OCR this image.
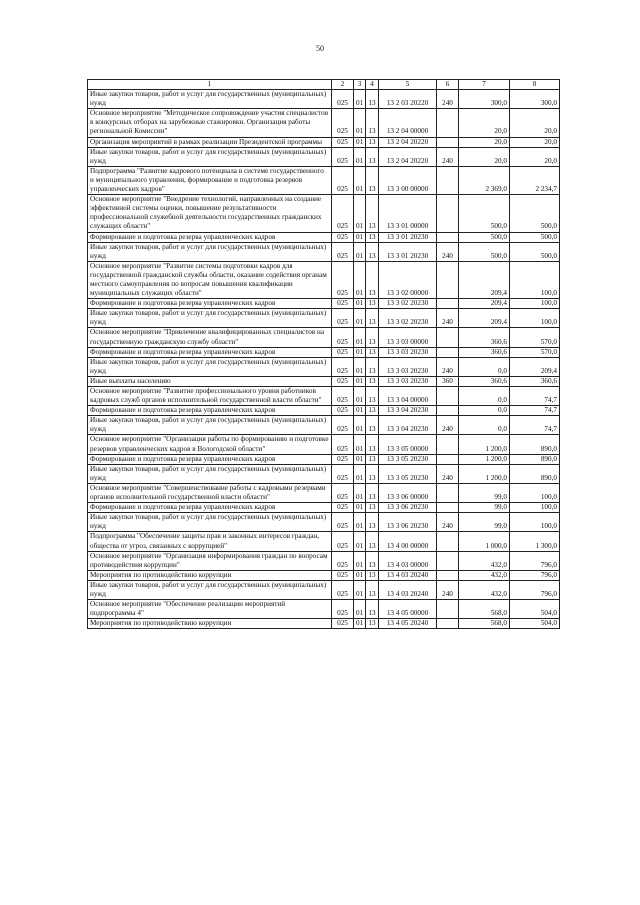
50
1	2	3	4	5	6	7	8
Иные закупки товаров, работ и услуг для государственных (муниципальных) нужд	025	01	13	13 2 03 20220	240	300,0	300,0
Основное мероприятие "Методическое сопровождение участия специалистов в конкурсных отборах на зарубежные стажировки. Организация работы региональной Комиссии"	025	01	13	13 2 04 00000		20,0	20,0
Организация мероприятий в рамках реализации Президентской программы	025	01	13	13 2 04 20220		20,0	20,0
Иные закупки товаров, работ и услуг для государственных (муниципальных) нужд	025	01	13	13 2 04 20220	240	20,0	20,0
Подпрограмма "Развитие кадрового потенциала в системе государственного и муниципального управления, формирование и подготовка резервов управленческих кадров"	025	01	13	13 3 00 00000		2 369,0	2 234,7
Основное мероприятие "Внедрение технологий, направленных на создание эффективной системы оценки, повышение результативности профессиональной служебной деятельности государственных гражданских служащих области"	025	01	13	13 3 01 00000		500,0	500,0
Формирование и подготовка резерва управленческих кадров	025	01	13	13 3 01 20230		500,0	500,0
Иные закупки товаров, работ и услуг для государственных (муниципальных) нужд	025	01	13	13 3 01 20230	240	500,0	500,0
Основное мероприятие "Развитие системы подготовки кадров для государственной гражданской службы области, оказание содействия органам местного самоуправления по вопросам повышения квалификации муниципальных служащих области"	025	01	13	13 3 02 00000		209,4	100,0
Формирование и подготовка резерва управленческих кадров	025	01	13	13 3 02 20230		209,4	100,0
Иные закупки товаров, работ и услуг для государственных (муниципальных) нужд	025	01	13	13 3 02 20230	240	209,4	100,0
Основное мероприятие "Привлечение квалифицированных специалистов на государственную гражданскую службу области"	025	01	13	13 3 03 00000		360,6	570,0
Формирование и подготовка резерва управленческих кадров	025	01	13	13 3 03 20230		360,6	570,0
Иные закупки товаров, работ и услуг для государственных (муниципальных) нужд	025	01	13	13 3 03 20230	240	0,0	209,4
Иные выплаты населению	025	01	13	13 3 03 20230	360	360,6	360,6
Основное мероприятие "Развитие профессионального уровня работников кадровых служб органов исполнительной государственной власти области"	025	01	13	13 3 04 00000		0,0	74,7
Формирование и подготовка резерва управленческих кадров	025	01	13	13 3 04 20230		0,0	74,7
Иные закупки товаров, работ и услуг для государственных (муниципальных) нужд	025	01	13	13 3 04 20230	240	0,0	74,7
Основное мероприятие "Организация работы по формированию и подготовке резервов управленческих кадров в Вологодской области"	025	01	13	13 3 05 00000		1 200,0	890,0
Формирование и подготовка резерва управленческих кадров	025	01	13	13 3 05 20230		1 200,0	890,0
Иные закупки товаров, работ и услуг для государственных (муниципальных) нужд	025	01	13	13 3 05 20230	240	1 200,0	890,0
Основное мероприятие "Совершенствование работы с кадровыми резервами органов исполнительной государственной власти области"	025	01	13	13 3 06 00000		99,0	100,0
Формирование и подготовка резерва управленческих кадров	025	01	13	13 3 06 20230		99,0	100,0
Иные закупки товаров, работ и услуг для государственных (муниципальных) нужд	025	01	13	13 3 06 20230	240	99,0	100,0
Подпрограмма "Обеспечение защиты прав и законных интересов граждан, общества от угроз, связанных с коррупцией"	025	01	13	13 4 00 00000		1 000,0	1 300,0
Основное мероприятие "Организация информирования граждан по вопросам противодействия коррупции"	025	01	13	13 4 03 00000		432,0	796,0
Мероприятия по противодействию коррупции	025	01	13	13 4 03 20240		432,0	796,0
Иные закупки товаров, работ и услуг для государственных (муниципальных) нужд	025	01	13	13 4 03 20240	240	432,0	796,0
Основное мероприятие "Обеспечение реализации мероприятий подпрограммы 4"	025	01	13	13 4 05 00000		568,0	504,0
Мероприятия по противодействию коррупции	025	01	13	13 4 05 20240		568,0	504,0
